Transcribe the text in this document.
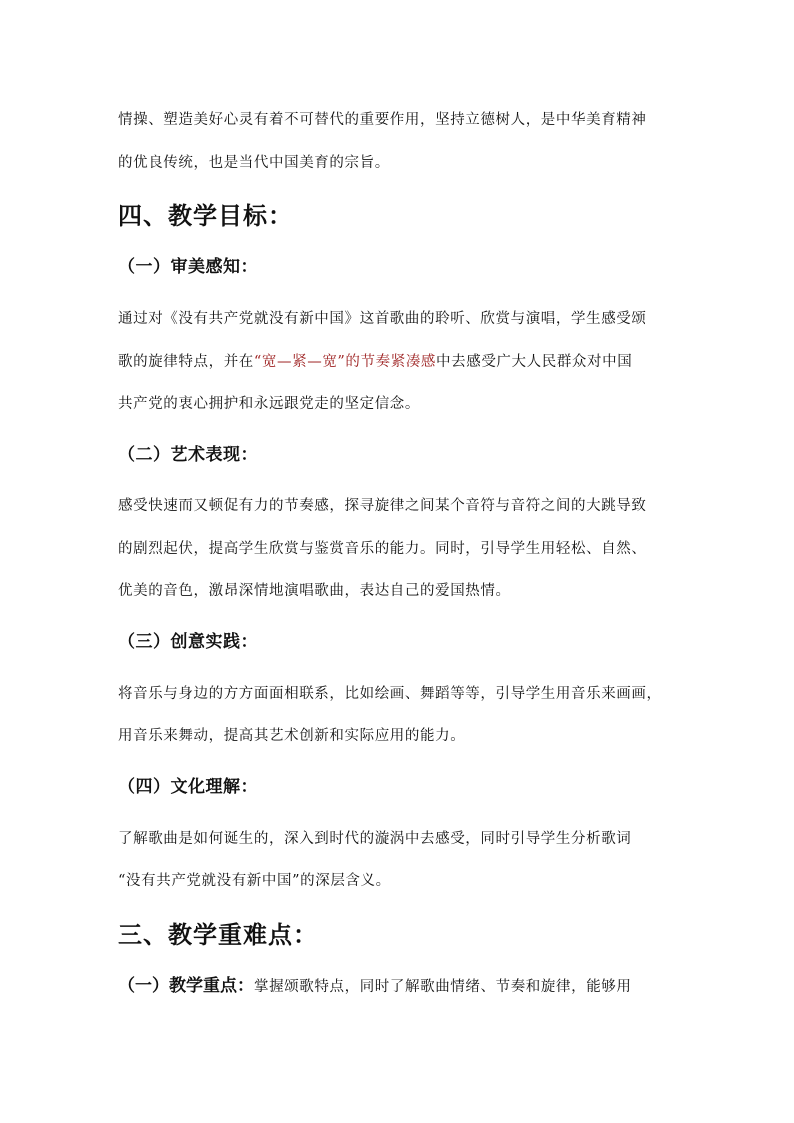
情操、塑造美好心灵有着不可替代的重要作用，坚持立德树人，是中华美育精神
的优良传统，也是当代中国美育的宗旨。
四、教学目标：
（一）审美感知：
通过对《没有共产党就没有新中国》这首歌曲的聆听、欣赏与演唱，学生感受颂
歌的旋律特点，并在“宽—紧—宽”的节奏紧凑感中去感受广大人民群众对中国
共产党的衷心拥护和永远跟党走的坚定信念。
（二）艺术表现：
感受快速而又顿促有力的节奏感，探寻旋律之间某个音符与音符之间的大跳导致
的剧烈起伏，提高学生欣赏与鉴赏音乐的能力。同时，引导学生用轻松、自然、
优美的音色，激昂深情地演唱歌曲，表达自己的爱国热情。
（三）创意实践：
将音乐与身边的方方面面相联系，比如绘画、舞蹈等等，引导学生用音乐来画画，
用音乐来舞动，提高其艺术创新和实际应用的能力。
（四）文化理解：
了解歌曲是如何诞生的，深入到时代的漩涡中去感受，同时引导学生分析歌词
“没有共产党就没有新中国”的深层含义。
三、教学重难点：
（一）教学重点：掌握颂歌特点，同时了解歌曲情绪、节奏和旋律，能够用
